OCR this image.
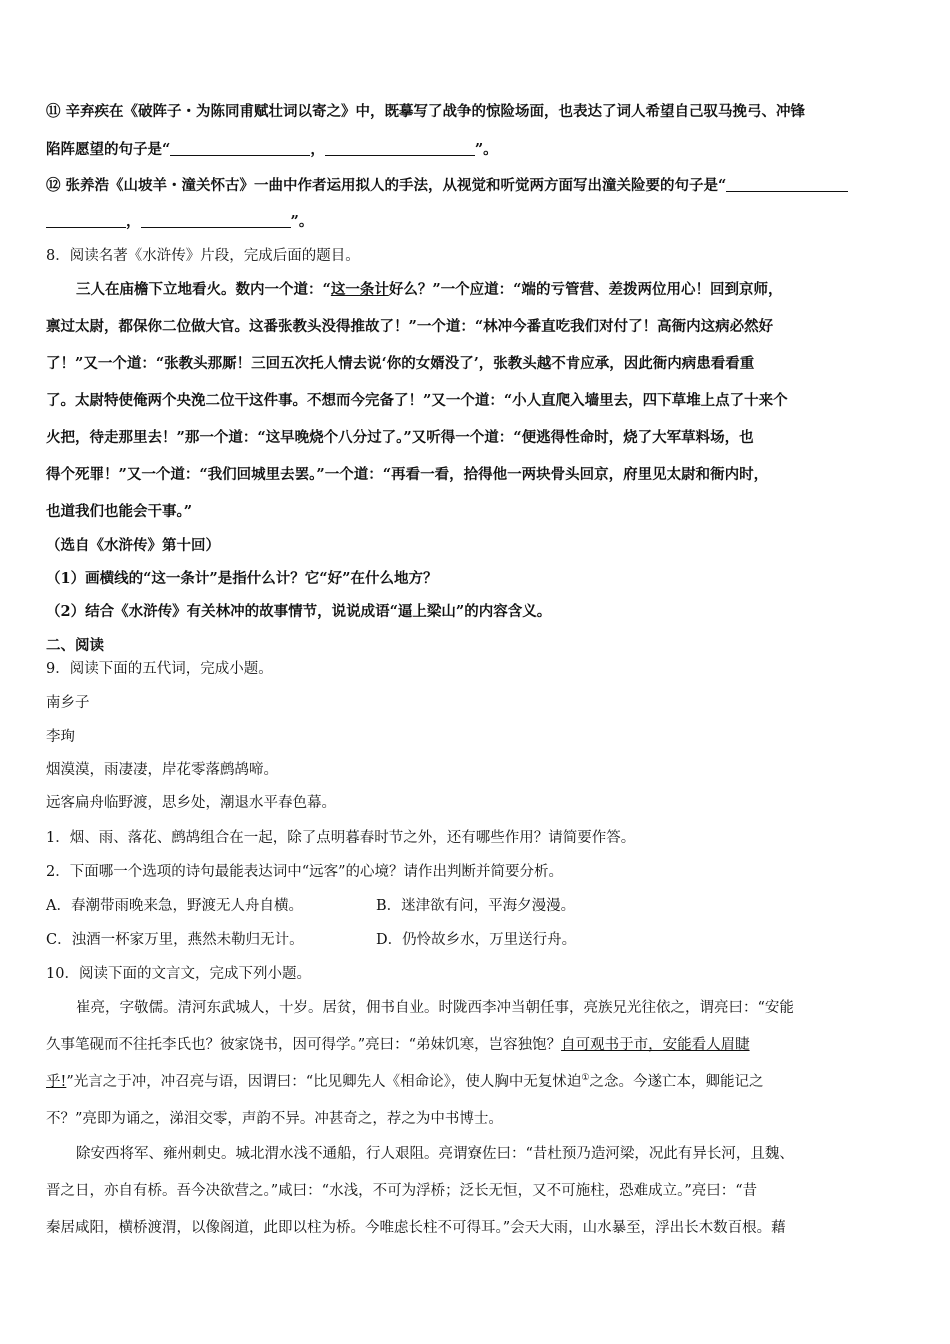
⑪ 辛弃疾在《破阵子・为陈同甫赋壮词以寄之》中，既摹写了战争的惊险场面，也表达了词人希望自己驭马挽弓、冲锋
陷阵愿望的句子是“	，	”。
⑫ 张养浩《山坡羊・潼关怀古》一曲中作者运用拟人的手法，从视觉和听觉两方面写出潼关险要的句子是“
，	”。
8．阅读名著《水浒传》片段，完成后面的题目。
三人在庙檐下立地看火。数内一个道：“这一条计好么？”一个应道：“端的亏管营、差拨两位用心！回到京师，
禀过太尉，都保你二位做大官。这番张教头没得推故了！”一个道：“林冲今番直吃我们对付了！高衙内这病必然好
了！”又一个道：“张教头那厮！三回五次托人情去说‘你的女婿没了’，张教头越不肯应承，因此衙内病患看看重
了。太尉特使俺两个央浼二位干这件事。不想而今完备了！”又一个道：“小人直爬入墙里去，四下草堆上点了十来个
火把，待走那里去！”那一个道：“这早晚烧个八分过了。”又听得一个道：“便逃得性命时，烧了大军草料场，也
得个死罪！”又一个道：“我们回城里去罢。”一个道：“再看一看，拾得他一两块骨头回京，府里见太尉和衙内时，
也道我们也能会干事。”
（选自《水浒传》第十回）
（1）画横线的“这一条计”是指什么计？它“好”在什么地方？
（2）结合《水浒传》有关林冲的故事情节，说说成语“逼上梁山”的内容含义。
二、阅读
9．阅读下面的五代词，完成小题。
南乡子
李珣
烟漠漠，雨凄凄，岸花零落鹧鸪啼。
远客扁舟临野渡，思乡处，潮退水平春色幕。
1．烟、雨、落花、鹧鸪组合在一起，除了点明暮春时节之外，还有哪些作用？请简要作答。
2．下面哪一个选项的诗句最能表达词中“远客”的心境？请作出判断并简要分析。
A．春潮带雨晚来急，野渡无人舟自横。	B．迷津欲有问，平海夕漫漫。
C．浊酒一杯家万里，燕然未勒归无计。	D．仍怜故乡水，万里送行舟。
10．阅读下面的文言文，完成下列小题。
崔亮，字敬儒。清河东武城人，十岁。居贫，佣书自业。时陇西李冲当朝任事，亮族兄光往依之，谓亮曰：“安能
久事笔砚而不往托李氏也？彼家饶书，因可得学。”亮曰：“弟妹饥寒，岂容独饱？自可观书于市，安能看人眉睫
乎!”光言之于冲，冲召亮与语，因谓曰：“比见卿先人《相命论》，使人胸中无复怵迫①之念。今遂亡本，卿能记之
不？”亮即为诵之，涕泪交零，声韵不异。冲甚奇之，荐之为中书博士。
除安西将军、雍州刺史。城北渭水浅不通船，行人艰阻。亮谓寮佐曰：“昔杜预乃造河梁，况此有异长河，且魏、
晋之日，亦自有桥。吾今决欲营之。”咸曰：“水浅，不可为浮桥；泛长无恒，又不可施柱，恐难成立。”亮曰：“昔
秦居咸阳，横桥渡渭，以像阁道，此即以柱为桥。今唯虑长柱不可得耳。”会天大雨，山水暴至，浮出长木数百根。藉
